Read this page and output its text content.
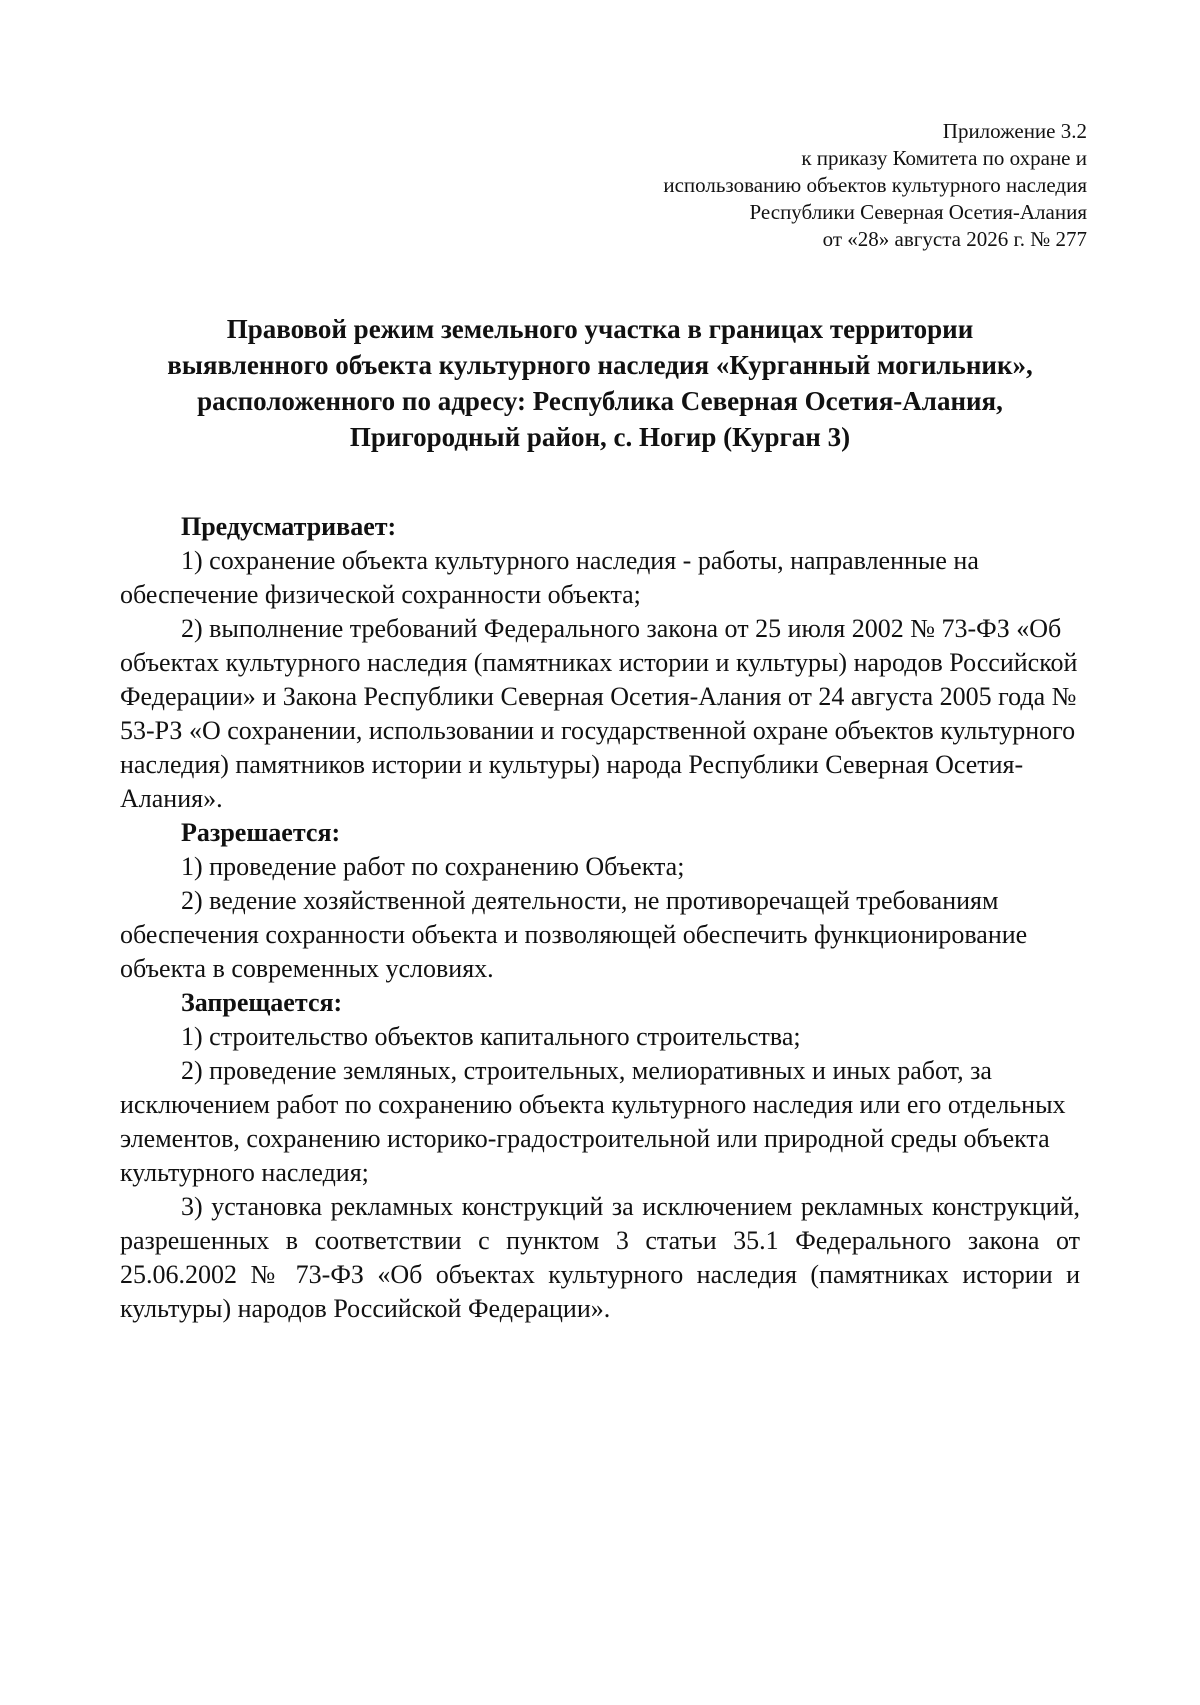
Приложение 3.2
к приказу Комитета по охране и
использованию объектов культурного наследия
Республики Северная Осетия-Алания
от «28» августа 2026 г. № 277
Правовой режим земельного участка в границах территории
выявленного объекта культурного наследия «Курганный могильник»,
расположенного по адресу: Республика Северная Осетия-Алания,
Пригородный район, с. Ногир (Курган 3)

Предусматривает:

1) сохранение объекта культурного наследия - работы, направленные на обеспечение физической сохранности объекта;

2) выполнение требований Федерального закона от 25 июля 2002 № 73-ФЗ «Об объектах культурного наследия (памятниках истории и культуры) народов Российской Федерации» и Закона Республики Северная Осетия-Алания от 24 августа 2005 года № 53-РЗ «О сохранении, использовании и государственной охране объектов культурного наследия) памятников истории и культуры) народа Республики Северная Осетия-Алания».

Разрешается:

1) проведение работ по сохранению Объекта;

2) ведение хозяйственной деятельности, не противоречащей требованиям обеспечения сохранности объекта и позволяющей обеспечить функционирование объекта в современных условиях.

Запрещается:

1) строительство объектов капитального строительства;

2) проведение земляных, строительных, мелиоративных и иных работ, за исключением работ по сохранению объекта культурного наследия или его отдельных элементов, сохранению историко-градостроительной или природной среды объекта культурного наследия;

3) установка рекламных конструкций за исключением рекламных конструкций, разрешенных в соответствии с пунктом 3 статьи 35.1 Федерального закона от 25.06.2002 № 73-ФЗ «Об объектах культурного наследия (памятниках истории и культуры) народов Российской Федерации».
